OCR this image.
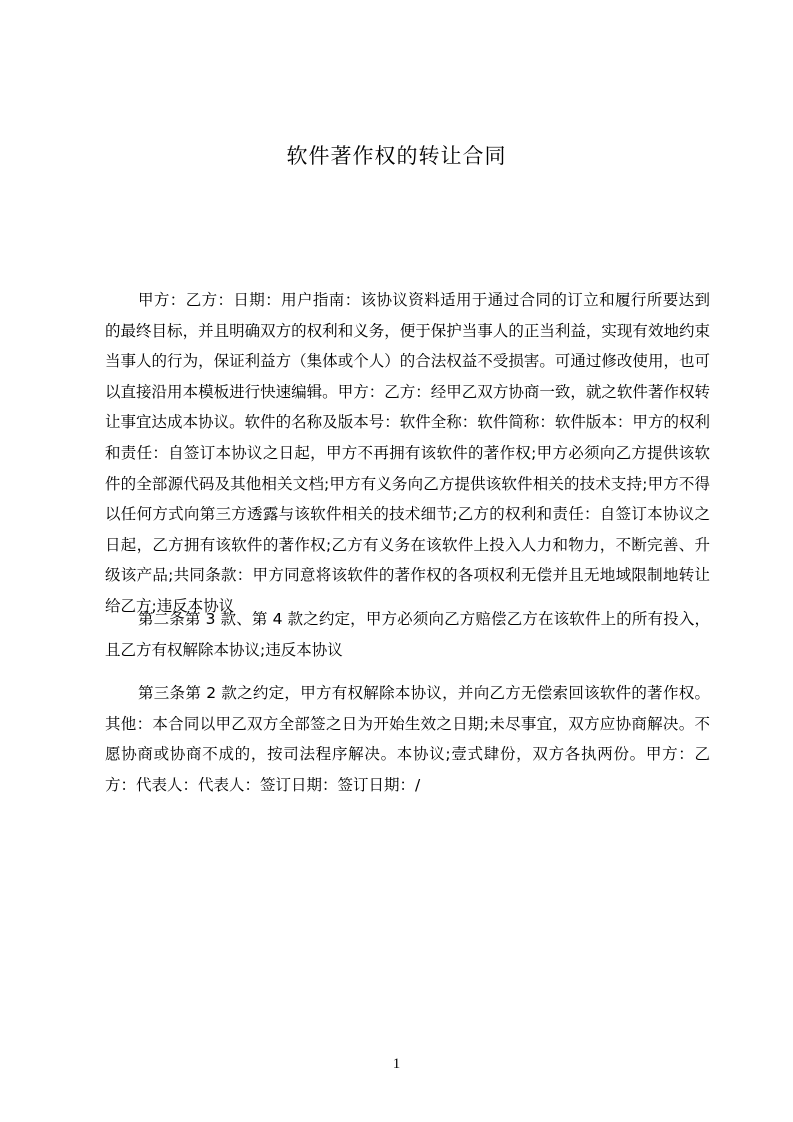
软件著作权的转让合同

甲方：乙方：日期：用户指南：该协议资料适用于通过合同的订立和履行所要达到的最终目标，并且明确双方的权利和义务，便于保护当事人的正当利益，实现有效地约束当事人的行为，保证利益方（集体或个人）的合法权益不受损害。可通过修改使用，也可以直接沿用本模板进行快速编辑。甲方：乙方：经甲乙双方协商一致，就之软件著作权转让事宜达成本协议。软件的名称及版本号：软件全称：软件简称：软件版本：甲方的权利和责任：自签订本协议之日起，甲方不再拥有该软件的著作权;甲方必须向乙方提供该软件的全部源代码及其他相关文档;甲方有义务向乙方提供该软件相关的技术支持;甲方不得以任何方式向第三方透露与该软件相关的技术细节;乙方的权利和责任：自签订本协议之日起，乙方拥有该软件的著作权;乙方有义务在该软件上投入人力和物力，不断完善、升级该产品;共同条款：甲方同意将该软件的著作权的各项权利无偿并且无地域限制地转让给乙方;违反本协议

第二条第 3 款、第 4 款之约定，甲方必须向乙方赔偿乙方在该软件上的所有投入，且乙方有权解除本协议;违反本协议

第三条第 2 款之约定，甲方有权解除本协议，并向乙方无偿索回该软件的著作权。其他：本合同以甲乙双方全部签之日为开始生效之日期;未尽事宜，双方应协商解决。不愿协商或协商不成的，按司法程序解决。本协议;壹式肆份，双方各执两份。甲方：乙方：代表人：代表人：签订日期：签订日期：/

1
